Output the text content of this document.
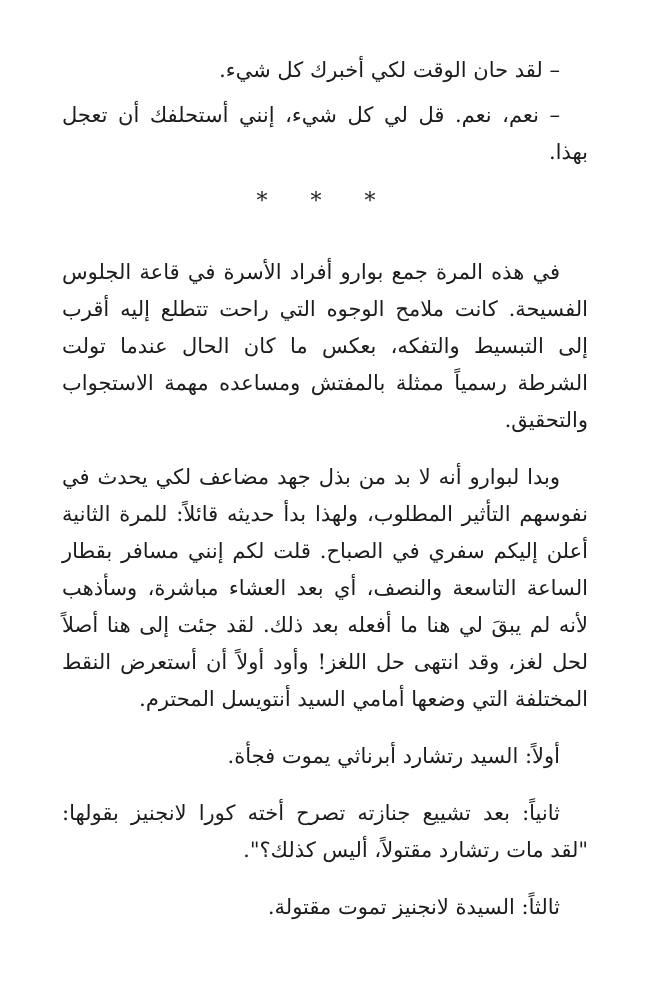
– لقد حان الوقت لكي أخبرك كل شيء.

– نعم، نعم. قل لي كل شيء، إنني أستحلفك أن تعجل بهذا.

* * *

في هذه المرة جمع بوارو أفراد الأسرة في قاعة الجلوس الفسيحة. كانت ملامح الوجوه التي راحت تتطلع إليه أقرب إلى التبسيط والتفكه، بعكس ما كان الحال عندما تولت الشرطة رسمياً ممثلة بالمفتش ومساعده مهمة الاستجواب والتحقيق.

وبدا لبوارو أنه لا بد من بذل جهد مضاعف لكي يحدث في نفوسهم التأثير المطلوب، ولهذا بدأ حديثه قائلاً: للمرة الثانية أعلن إليكم سفري في الصباح. قلت لكم إنني مسافر بقطار الساعة التاسعة والنصف، أي بعد العشاء مباشرة، وسأذهب لأنه لم يبقَ لي هنا ما أفعله بعد ذلك. لقد جئت إلى هنا أصلاً لحل لغز، وقد انتهى حل اللغز! وأود أولاً أن أستعرض النقط المختلفة التي وضعها أمامي السيد أنتويسل المحترم.

أولاً: السيد رتشارد أبرناثي يموت فجأة.

ثانياً: بعد تشييع جنازته تصرح أخته كورا لانجنيز بقولها: "لقد مات رتشارد مقتولاً، أليس كذلك؟".

ثالثاً: السيدة لانجنيز تموت مقتولة.
